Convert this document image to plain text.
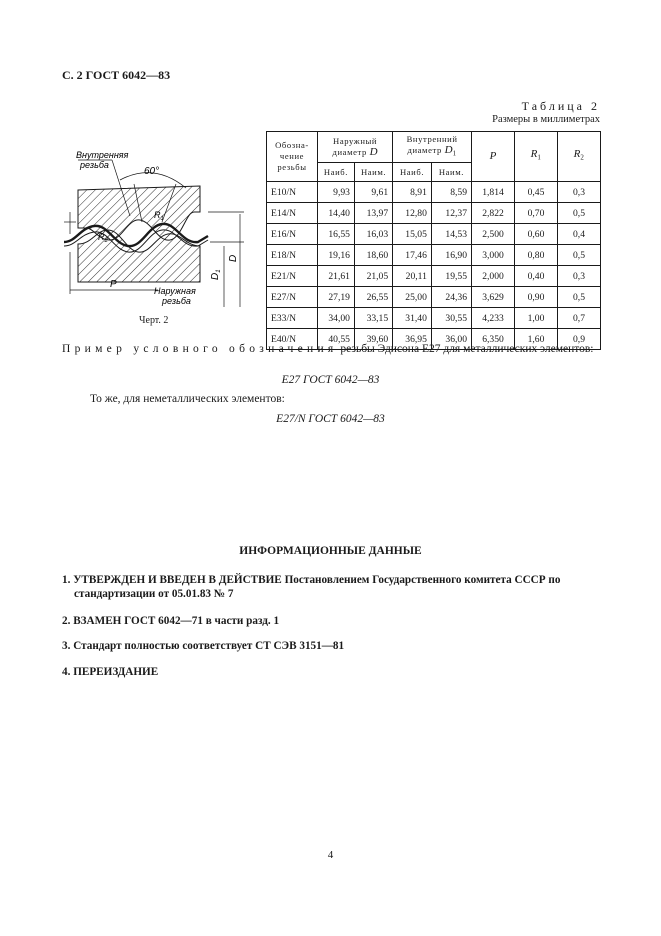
С. 2 ГОСТ 6042—83
Таблица 2
Размеры в миллиметрах
60°
Внутренняя
резьба
$R_1$
$R_2$
P
Наружная
резьба
$D_1$
D
Черт. 2
Обозна- чение резьбы	Наружный диаметр D		Внутренний диаметр $D_1$		P	$R_1$	$R_2$
	Наиб.	Наим.	Наиб.	Наим.			
E10/N	9,93	9,61	8,91	8,59	1,814	0,45	0,3
E14/N	14,40	13,97	12,80	12,37	2,822	0,70	0,5
E16/N	16,55	16,03	15,05	14,53	2,500	0,60	0,4
E18/N	19,16	18,60	17,46	16,90	3,000	0,80	0,5
E21/N	21,61	21,05	20,11	19,55	2,000	0,40	0,3
E27/N	27,19	26,55	25,00	24,36	3,629	0,90	0,5
E33/N	34,00	33,15	31,40	30,55	4,233	1,00	0,7
E40/N	40,55	39,60	36,95	36,00	6,350	1,60	0,9
Пример условного обозначения резьбы Эдисона E27 для металлических элементов:
E27 ГОСТ 6042—83
То же, для неметаллических элементов:
E27/N ГОСТ 6042—83
ИНФОРМАЦИОННЫЕ ДАННЫЕ
1. УТВЕРЖДЕН И ВВЕДЕН В ДЕЙСТВИЕ Постановлением Государственного комитета СССР по
стандартизации от 05.01.83 № 7
2. ВЗАМЕН ГОСТ 6042—71 в части разд. 1
3. Стандарт полностью соответствует СТ СЭВ 3151—81
4. ПЕРЕИЗДАНИЕ
4
